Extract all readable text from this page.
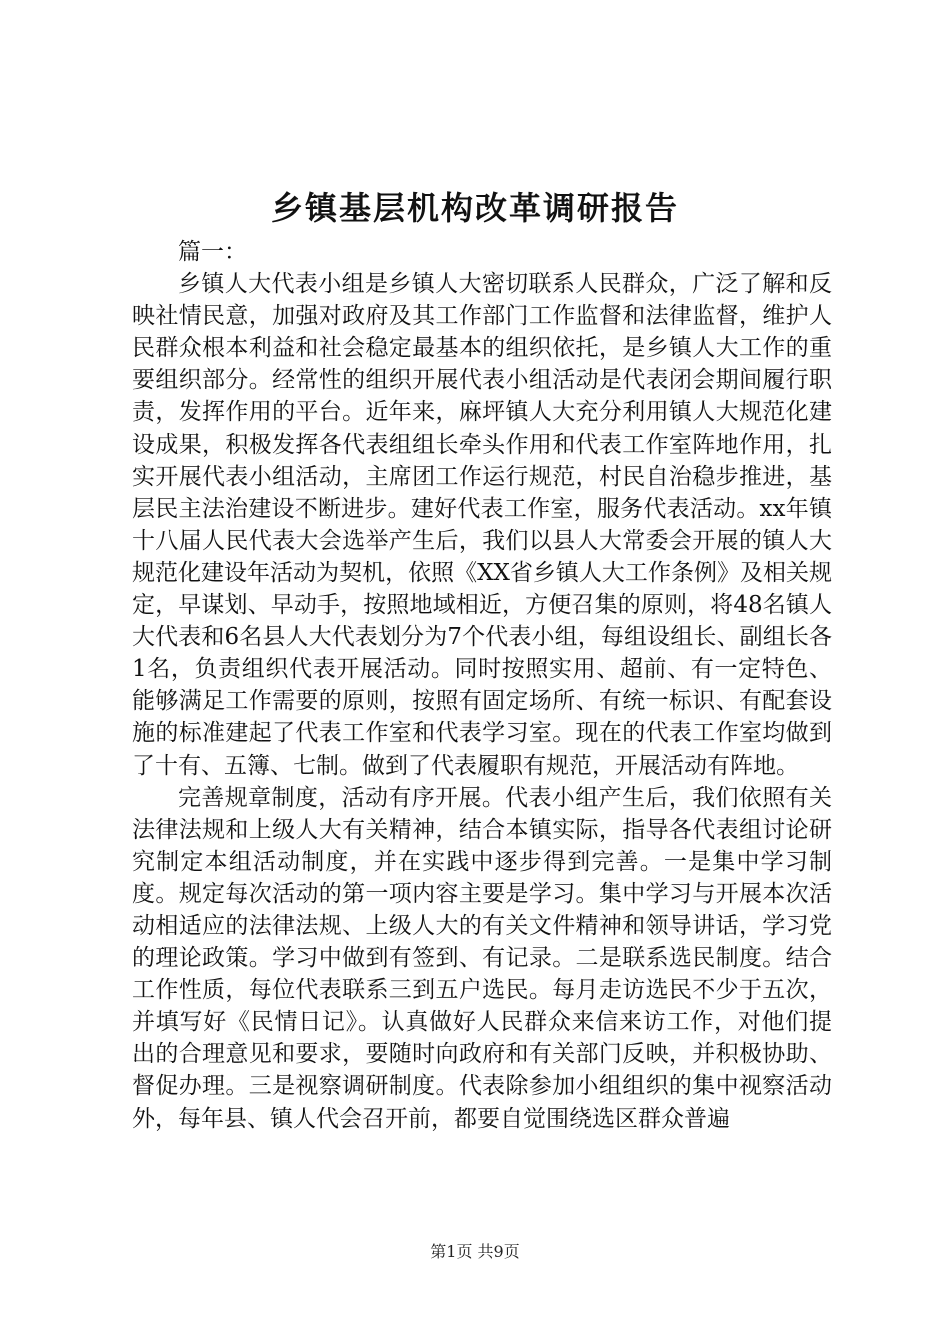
乡镇基层机构改革调研报告

篇一：

乡镇人大代表小组是乡镇人大密切联系人民群众，广泛了解和反映社情民意，加强对政府及其工作部门工作监督和法律监督，维护人民群众根本利益和社会稳定最基本的组织依托，是乡镇人大工作的重要组织部分。经常性的组织开展代表小组活动是代表闭会期间履行职责，发挥作用的平台。近年来，麻坪镇人大充分利用镇人大规范化建设成果，积极发挥各代表组组长牵头作用和代表工作室阵地作用，扎实开展代表小组活动，主席团工作运行规范，村民自治稳步推进，基层民主法治建设不断进步。建好代表工作室，服务代表活动。xx年镇十八届人民代表大会选举产生后，我们以县人大常委会开展的镇人大规范化建设年活动为契机，依照《XX省乡镇人大工作条例》及相关规定，早谋划、早动手，按照地域相近，方便召集的原则，将48名镇人大代表和6名县人大代表划分为7个代表小组，每组设组长、副组长各1名，负责组织代表开展活动。同时按照实用、超前、有一定特色、能够满足工作需要的原则，按照有固定场所、有统一标识、有配套设施的标准建起了代表工作室和代表学习室。现在的代表工作室均做到了十有、五簿、七制。做到了代表履职有规范，开展活动有阵地。

完善规章制度，活动有序开展。代表小组产生后，我们依照有关法律法规和上级人大有关精神，结合本镇实际，指导各代表组讨论研究制定本组活动制度，并在实践中逐步得到完善。一是集中学习制度。规定每次活动的第一项内容主要是学习。集中学习与开展本次活动相适应的法律法规、上级人大的有关文件精神和领导讲话，学习党的理论政策。学习中做到有签到、有记录。二是联系选民制度。结合工作性质，每位代表联系三到五户选民。每月走访选民不少于五次，并填写好《民情日记》。认真做好人民群众来信来访工作，对他们提出的合理意见和要求，要随时向政府和有关部门反映，并积极协助、督促办理。三是视察调研制度。代表除参加小组组织的集中视察活动外，每年县、镇人代会召开前，都要自觉围绕选区群众普遍

第1页 共9页
